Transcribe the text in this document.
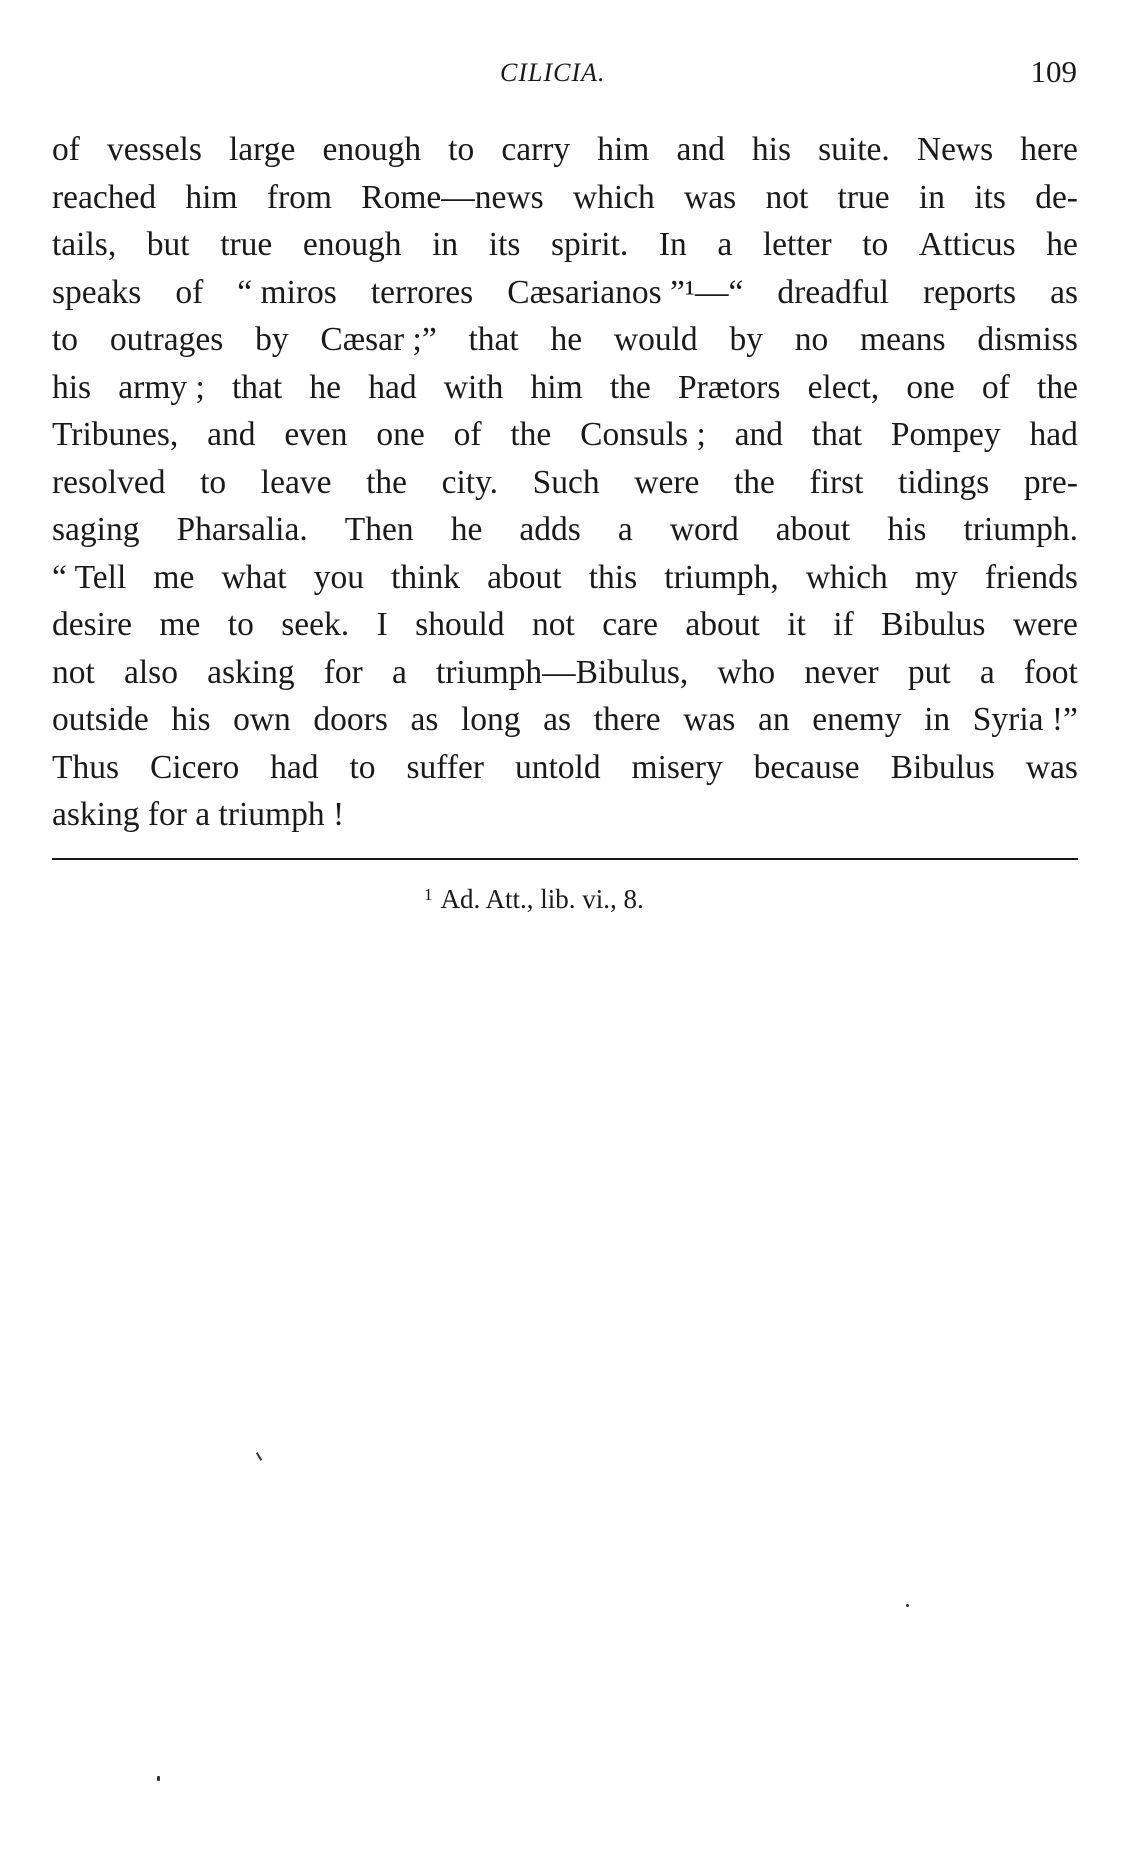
CILICIA.	109
of vessels large enough to carry him and his suite. News here
reached him from Rome—news which was not true in its de-
tails, but true enough in its spirit. In a letter to Atticus he
speaks of “ miros terrores Cæsarianos ”¹—“ dreadful reports as
to outrages by Cæsar ;” that he would by no means dismiss
his army ; that he had with him the Prætors elect, one of the
Tribunes, and even one of the Consuls ; and that Pompey had
resolved to leave the city. Such were the first tidings pre-
saging Pharsalia. Then he adds a word about his triumph.
“ Tell me what you think about this triumph, which my friends
desire me to seek. I should not care about it if Bibulus were
not also asking for a triumph—Bibulus, who never put a foot
outside his own doors as long as there was an enemy in Syria !”
Thus Cicero had to suffer untold misery because Bibulus was
asking
for
a
triumph !
$^1$ Ad. Att., lib. vi., 8.
